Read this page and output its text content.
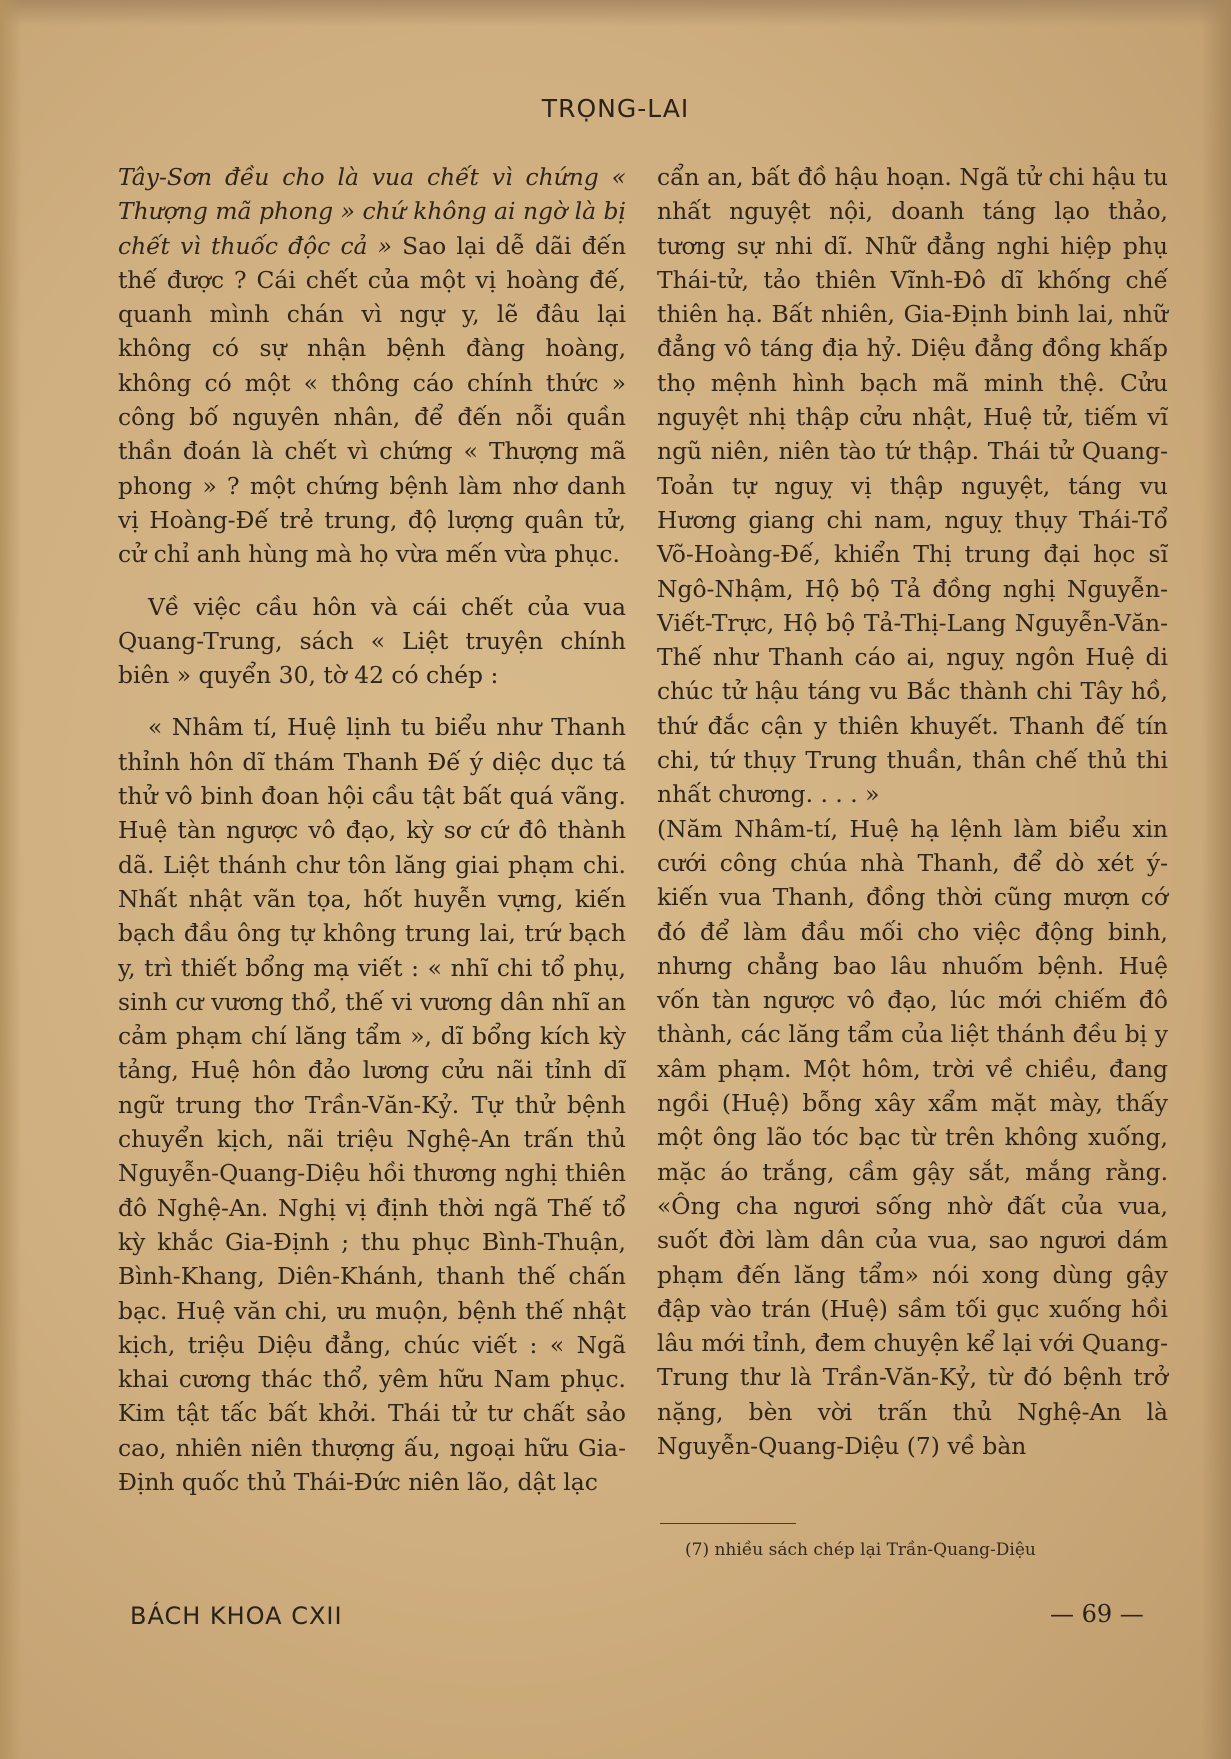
TRỌNG-LAI

Tây-Sơn đều cho là vua chết vì chứng « Thượng mã phong » chứ không ai ngờ là bị chết vì thuốc độc cả » Sao lại dễ dãi đến thế được ? Cái chết của một vị hoàng đế, quanh mình chán vì ngự y, lẽ đâu lại không có sự nhận bệnh đàng hoàng, không có một « thông cáo chính thức » công bố nguyên nhân, để đến nỗi quần thần đoán là chết vì chứng « Thượng mã phong » ? một chứng bệnh làm nhơ danh vị Hoàng-Đế trẻ trung, độ lượng quân tử, cử chỉ anh hùng mà họ vừa mến vừa phục.

Về việc cầu hôn và cái chết của vua Quang-Trung, sách « Liệt truyện chính biên » quyển 30, tờ 42 có chép :

« Nhâm tí, Huệ lịnh tu biểu như Thanh thỉnh hôn dĩ thám Thanh Đế ý diệc dục tá thử vô binh đoan hội cầu tật bất quá vãng. Huệ tàn ngược vô đạo, kỳ sơ cứ đô thành dã. Liệt thánh chư tôn lăng giai phạm chi. Nhất nhật vãn tọa, hốt huyễn vựng, kiến bạch đầu ông tự không trung lai, trứ bạch y, trì thiết bổng mạ viết : « nhĩ chi tổ phụ, sinh cư vương thổ, thế vi vương dân nhĩ an cảm phạm chí lăng tẩm », dĩ bổng kích kỳ tảng, Huệ hôn đảo lương cửu nãi tỉnh dĩ ngữ trung thơ Trần-Văn-Kỷ. Tự thử bệnh chuyển kịch, nãi triệu Nghệ-An trấn thủ Nguyễn-Quang-Diệu hồi thương nghị thiên đô Nghệ-An. Nghị vị định thời ngã Thế tổ kỳ khắc Gia-Định ; thu phục Bình-Thuận, Bình-Khang, Diên-Khánh, thanh thế chấn bạc. Huệ văn chi, ưu muộn, bệnh thế nhật kịch, triệu Diệu đẳng, chúc viết : « Ngã khai cương thác thổ, yêm hữu Nam phục. Kim tật tấc bất khởi. Thái tử tư chất sảo cao, nhiên niên thượng ấu, ngoại hữu Gia-Định quốc thủ Thái-Đức niên lão, dật lạc

cẩn an, bất đồ hậu hoạn. Ngã tử chi hậu tu nhất nguyệt nội, doanh táng lạo thảo, tương sự nhi dĩ. Nhữ đẳng nghi hiệp phụ Thái-tử, tảo thiên Vĩnh-Đô dĩ khống chế thiên hạ. Bất nhiên, Gia-Định binh lai, nhữ đẳng vô táng địa hỷ. Diệu đẳng đồng khấp thọ mệnh hình bạch mã minh thệ. Cửu nguyệt nhị thập cửu nhật, Huệ tử, tiếm vĩ ngũ niên, niên tào tứ thập. Thái tử Quang-Toản tự nguỵ vị thập nguyệt, táng vu Hương giang chi nam, nguỵ thụy Thái-Tổ Võ-Hoàng-Đế, khiển Thị trung đại học sĩ Ngô-Nhậm, Hộ bộ Tả đồng nghị Nguyễn-Viết-Trực, Hộ bộ Tả-Thị-Lang Nguyễn-Văn-Thế như Thanh cáo ai, nguỵ ngôn Huệ di chúc tử hậu táng vu Bắc thành chi Tây hồ, thứ đắc cận y thiên khuyết. Thanh đế tín chi, tứ thụy Trung thuần, thân chế thủ thi nhất chương. . . . »

(Năm Nhâm-tí, Huệ hạ lệnh làm biểu xin cưới công chúa nhà Thanh, để dò xét ý-kiến vua Thanh, đồng thời cũng mượn cớ đó để làm đầu mối cho việc động binh, nhưng chẳng bao lâu nhuốm bệnh. Huệ vốn tàn ngược vô đạo, lúc mới chiếm đô thành, các lăng tẩm của liệt thánh đều bị y xâm phạm. Một hôm, trời về chiều, đang ngồi (Huệ) bỗng xây xẩm mặt mày, thấy một ông lão tóc bạc từ trên không xuống, mặc áo trắng, cầm gậy sắt, mắng rằng. «Ông cha ngươi sống nhờ đất của vua, suốt đời làm dân của vua, sao ngươi dám phạm đến lăng tẩm» nói xong dùng gậy đập vào trán (Huệ) sầm tối gục xuống hồi lâu mới tỉnh, đem chuyện kể lại với Quang-Trung thư là Trần-Văn-Kỷ, từ đó bệnh trở nặng, bèn vời trấn thủ Nghệ-An là Nguyễn-Quang-Diệu (7) về bàn

(7) nhiều sách chép lại Trần-Quang-Diệu
BÁCH KHOA CXII	— 69 —
